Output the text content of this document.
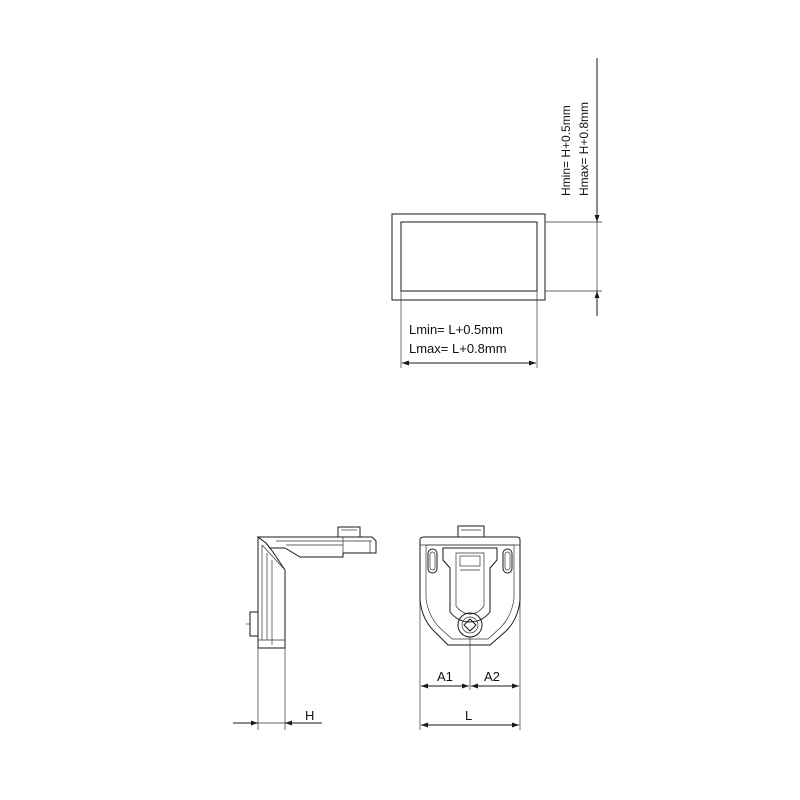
Hmin= H+0.5mm Hmax= H+0.8mm
Lmin= L+0.5mm
Lmax= L+0.8mm
H
A1 A2
L
